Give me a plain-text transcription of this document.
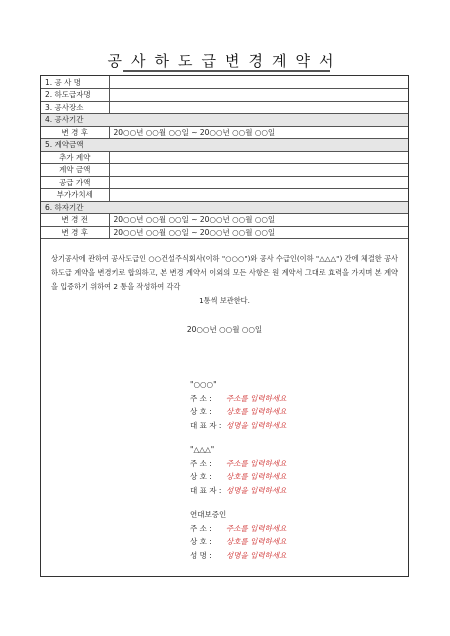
공사하도급변경계약서
1. 공 사 명	
2. 하도급자명	
3. 공사장소	
4. 공사기간	
변 경 후	20○○년 ○○월 ○○일 ~ 20○○년 ○○월 ○○일
5. 계약금액	
추가 계약	
계약 금액	
공급 가액	
부가가치세	
6. 하자기간	
변 경 전	20○○년 ○○월 ○○일 ~ 20○○년 ○○월 ○○일
변 경 후	20○○년 ○○월 ○○일 ~ 20○○년 ○○월 ○○일
상기공사에 관하여 공사도급인 ○○건설주식회사(이하 "○○○")와 공사 수급인(이하 "△△△") 간에 체결한 공사하도급 계약을 변경키로 합의하고, 본 변경 계약서 이외의 모든 사항은 원 계약서 그대로 효력을 가지며 본 계약을 입증하기 위하여 2 통을 작성하여 각각
1통씩 보관한다.
20○○년 ○○월 ○○일
"○○○"
주 소 : 주소를 입력하세요
상 호 : 상호를 입력하세요
대 표 자 : 성명을 입력하세요
"△△△"
주 소 : 주소를 입력하세요
상 호 : 상호를 입력하세요
대 표 자 : 성명을 입력하세요
연대보증인
주 소 : 주소를 입력하세요
상 호 : 상호를 입력하세요
성 명 : 성명을 입력하세요
